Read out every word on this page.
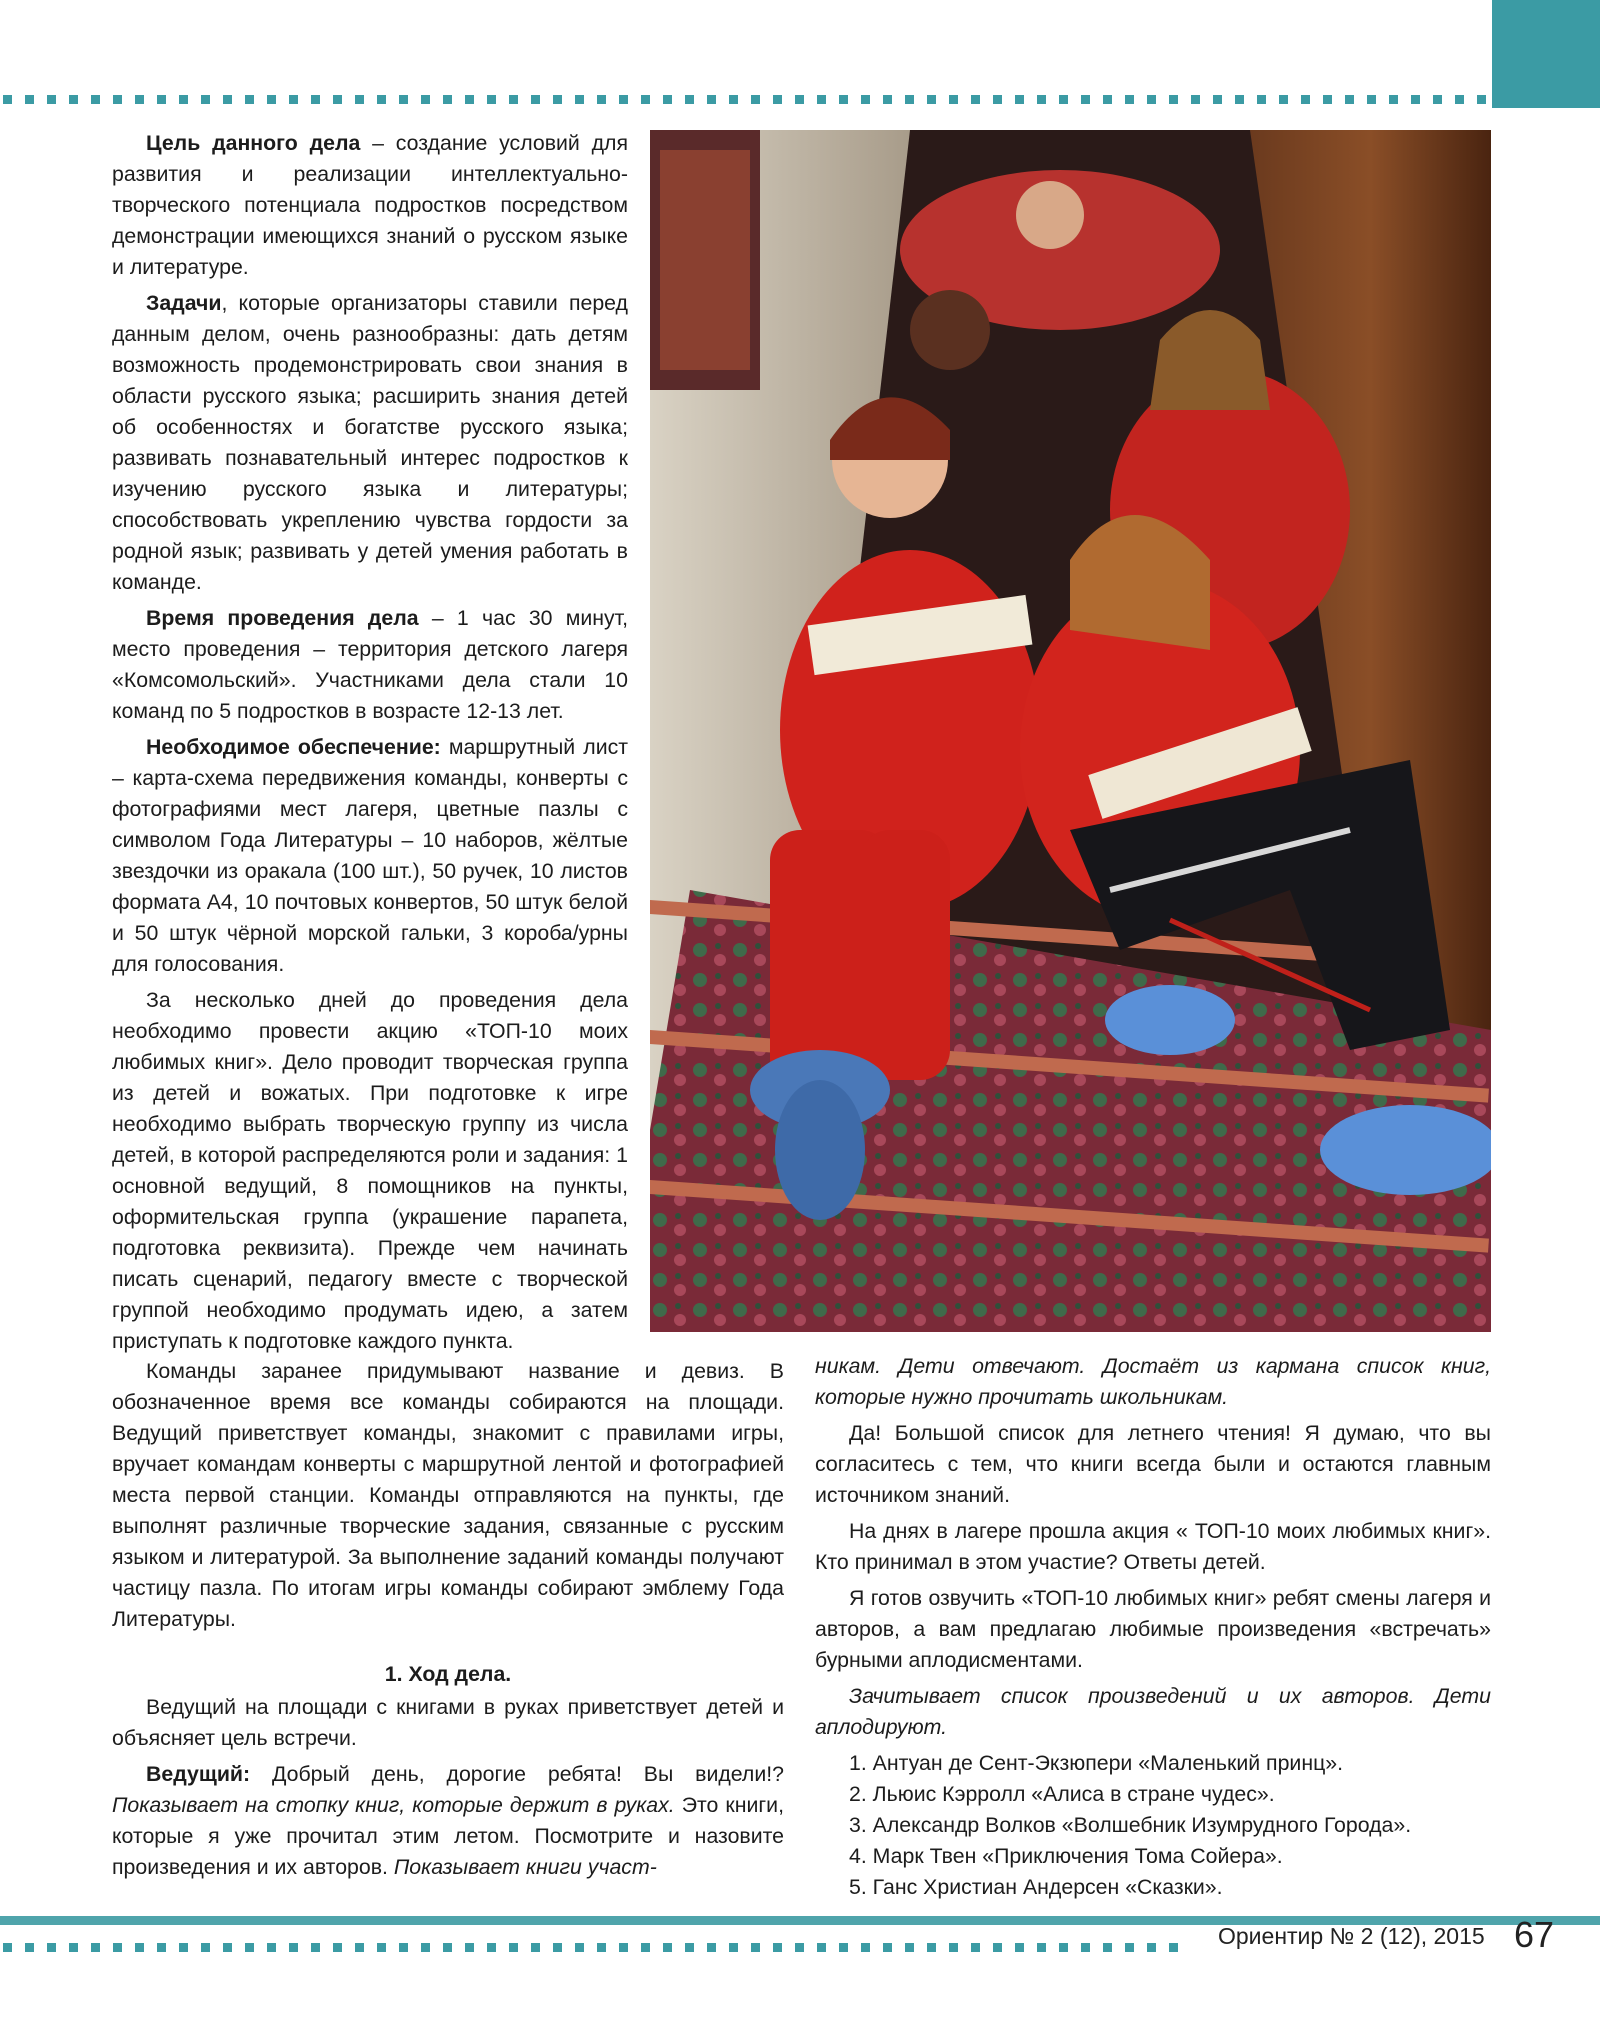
Цель данного дела – создание условий для развития и реализации интеллектуально-творческого потенциала подростков посредством демонстрации имеющихся знаний о русском языке и литературе.

Задачи, которые организаторы ставили перед данным делом, очень разнообразны: дать детям возможность продемонстрировать свои знания в области русского языка; расширить знания детей об особенностях и богатстве русского языка; развивать познавательный интерес подростков к изучению русского языка и литературы; способствовать укреплению чувства гордости за родной язык; развивать у детей умения работать в команде.

Время проведения дела – 1 час 30 минут, место проведения – территория детского лагеря «Комсомольский». Участниками дела стали 10 команд по 5 подростков в возрасте 12-13 лет.

Необходимое обеспечение: маршрутный лист – карта-схема передвижения команды, конверты с фотографиями мест лагеря, цветные пазлы с символом Года Литературы – 10 наборов, жёлтые звездочки из оракала (100 шт.), 50 ручек, 10 листов формата А4, 10 почтовых конвертов, 50 штук белой и 50 штук чёрной морской гальки, 3 короба/урны для голосования.

За несколько дней до проведения дела необходимо провести акцию «ТОП-10 моих любимых книг». Дело проводит творческая группа из детей и вожатых. При подготовке к игре необходимо выбрать творческую группу из числа детей, в которой распределяются роли и задания: 1 основной ведущий, 8 помощников на пункты, оформительская группа (украшение парапета, подготовка реквизита). Прежде чем начинать писать сценарий, педагогу вместе с творческой группой необходимо продумать идею, а затем приступать к подготовке каждого пункта.

Команды заранее придумывают название и девиз. В обозначенное время все команды собираются на площади. Ведущий приветствует команды, знакомит с правилами игры, вручает командам конверты с маршрутной лентой и фотографией места первой станции. Команды отправляются на пункты, где выполнят различные творческие задания, связанные с русским языком и литературой. За выполнение заданий команды получают частицу пазла. По итогам игры команды собирают эмблему Года Литературы.

1. Ход дела.

Ведущий на площади с книгами в руках приветствует детей и объясняет цель встречи.

Ведущий: Добрый день, дорогие ребята! Вы видели!? Показывает на стопку книг, которые держит в руках. Это книги, которые я уже прочитал этим летом. Посмотрите и назовите произведения и их авторов. Показывает книги участ-

никам. Дети отвечают. Достаёт из кармана список книг, которые нужно прочитать школьникам.

Да! Большой список для летнего чтения! Я думаю, что вы согласитесь с тем, что книги всегда были и остаются главным источником знаний.

На днях в лагере прошла акция « ТОП-10 моих любимых книг». Кто принимал в этом участие? Ответы детей.

Я готов озвучить «ТОП-10 любимых книг» ребят смены лагеря и авторов, а вам предлагаю любимые произведения «встречать» бурными аплодисментами.

Зачитывает список произведений и их авторов. Дети аплодируют.

1. Антуан де Сент-Экзюпери «Маленький принц».
2. Льюис Кэрролл «Алиса в стране чудес».
3. Александр Волков «Волшебник Изумрудного Города».
4. Марк Твен «Приключения Тома Сойера».
5. Ганс Христиан Андерсен «Сказки».
Ориентир № 2 (12), 2015 67
